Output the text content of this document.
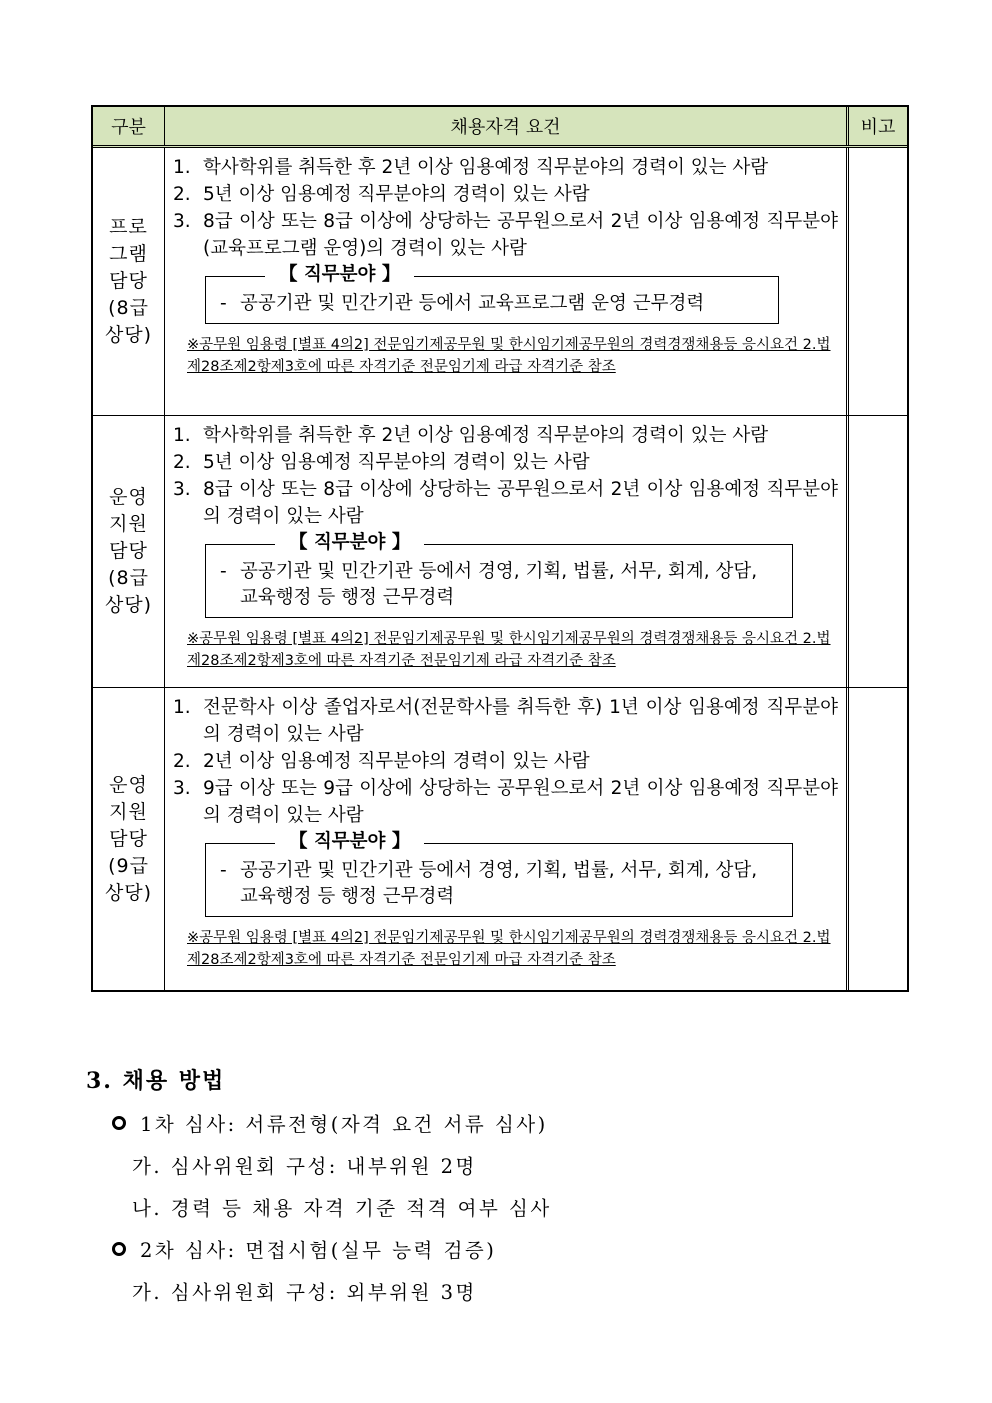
구분	채용자격 요건	비고
프로
그램
담당
(8급
상당)
1. 학사학위를 취득한 후 2년 이상 임용예정 직무분야의 경력이 있는 사람
2. 5년 이상 임용예정 직무분야의 경력이 있는 사람
3. 8급 이상 또는 8급 이상에 상당하는 공무원으로서 2년 이상 임용예정 직무분야(교육프로그램 운영)의 경력이 있는 사람
【 직무분야 】
- 공공기관 및 민간기관 등에서 교육프로그램 운영 근무경력
※공무원 임용령 [별표 4의2] 전문임기제공무원 및 한시임기제공무원의 경력경쟁채용등 응시요건 2.법 제28조제2항제3호에 따른 자격기준 전문임기제 라급 자격기준 참조
운영
지원
담당
(8급
상당)
1. 학사학위를 취득한 후 2년 이상 임용예정 직무분야의 경력이 있는 사람
2. 5년 이상 임용예정 직무분야의 경력이 있는 사람
3. 8급 이상 또는 8급 이상에 상당하는 공무원으로서 2년 이상 임용예정 직무분야의 경력이 있는 사람
【 직무분야 】
- 공공기관 및 민간기관 등에서 경영, 기획, 법률, 서무, 회계, 상담, 교육행정 등 행정 근무경력
※공무원 임용령 [별표 4의2] 전문임기제공무원 및 한시임기제공무원의 경력경쟁채용등 응시요건 2.법 제28조제2항제3호에 따른 자격기준 전문임기제 라급 자격기준 참조
운영
지원
담당
(9급
상당)
1. 전문학사 이상 졸업자로서(전문학사를 취득한 후) 1년 이상 임용예정 직무분야의 경력이 있는 사람
2. 2년 이상 임용예정 직무분야의 경력이 있는 사람
3. 9급 이상 또는 9급 이상에 상당하는 공무원으로서 2년 이상 임용예정 직무분야의 경력이 있는 사람
【 직무분야 】
- 공공기관 및 민간기관 등에서 경영, 기획, 법률, 서무, 회계, 상담, 교육행정 등 행정 근무경력
※공무원 임용령 [별표 4의2] 전문임기제공무원 및 한시임기제공무원의 경력경쟁채용등 응시요건 2.법 제28조제2항제3호에 따른 자격기준 전문임기제 마급 자격기준 참조
3. 채용 방법
1차 심사: 서류전형(자격 요건 서류 심사)
가. 심사위원회 구성: 내부위원 2명
나. 경력 등 채용 자격 기준 적격 여부 심사
2차 심사: 면접시험(실무 능력 검증)
가. 심사위원회 구성: 외부위원 3명
